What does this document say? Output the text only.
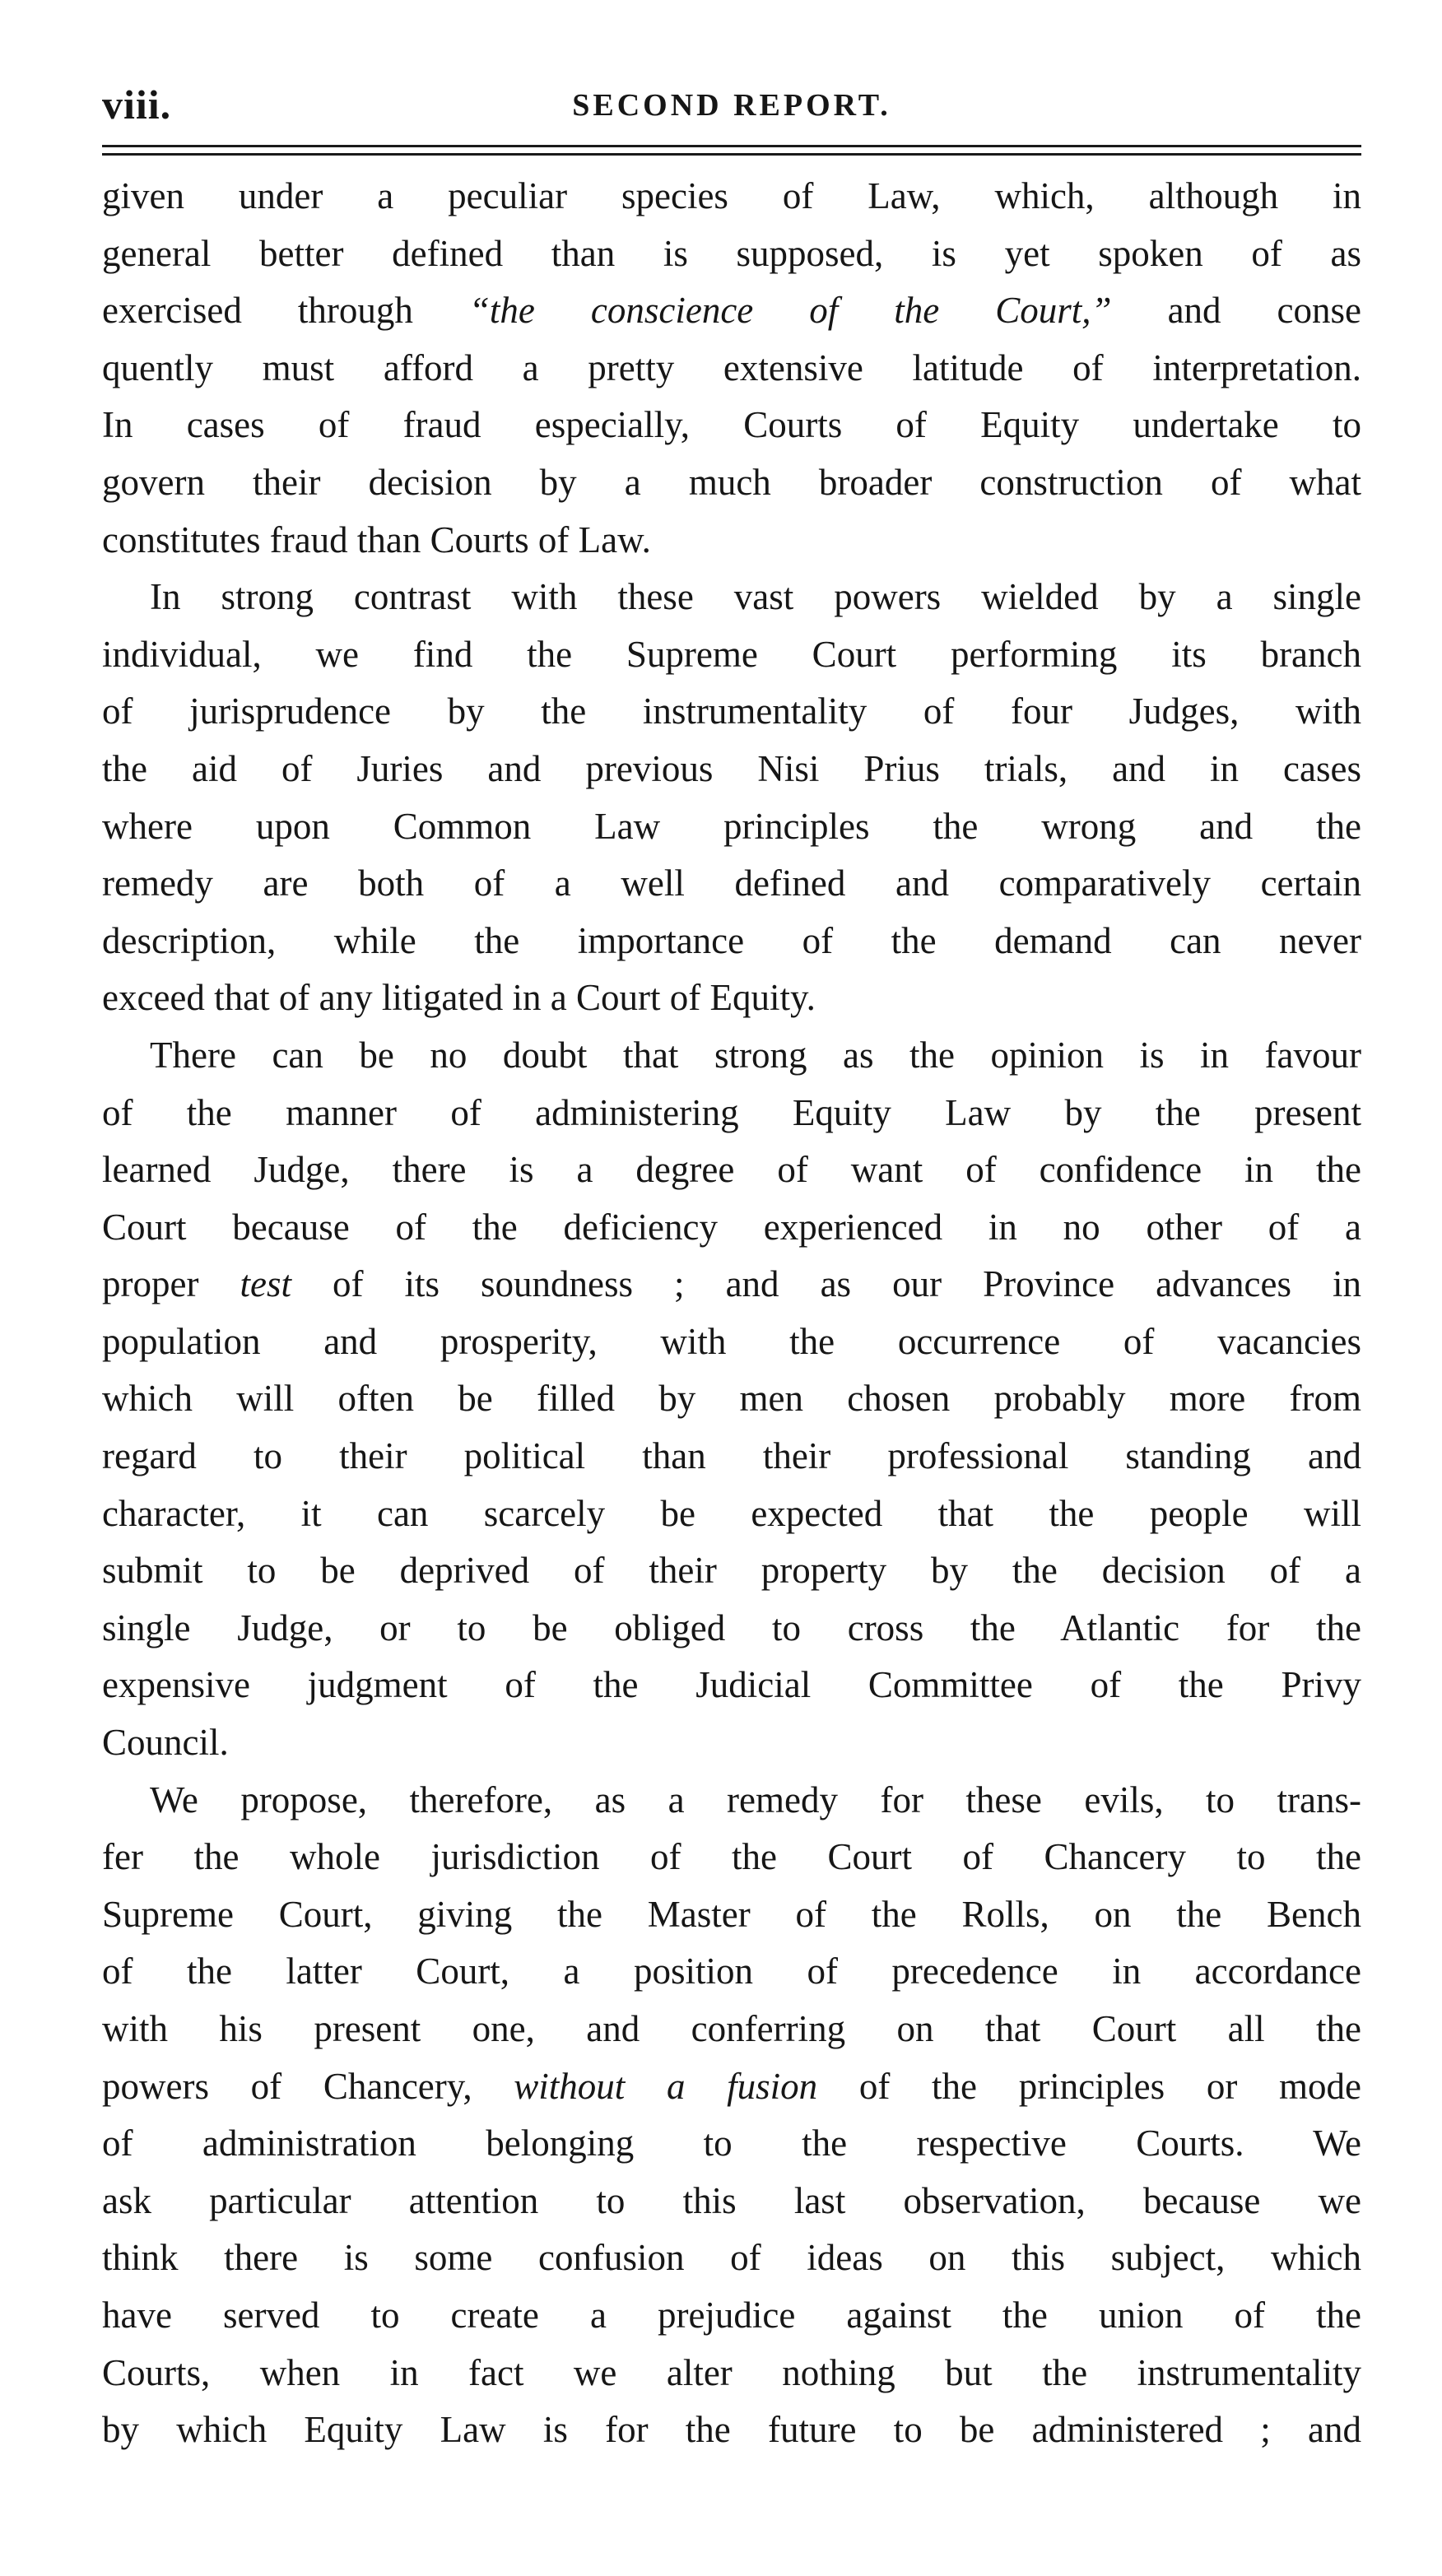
viii.	SECOND REPORT.
given under a peculiar species of Law, which, although in
general better defined than is supposed, is yet spoken of as
exercised through “the conscience of the Court,” and conse
quently must afford a pretty extensive latitude of interpretation.
In cases of fraud especially, Courts of Equity undertake to
govern their decision by a much broader construction of what
constitutes fraud than Courts of Law.
In strong contrast with these vast powers wielded by a single
individual, we find the Supreme Court performing its branch
of jurisprudence by the instrumentality of four Judges, with
the aid of Juries and previous Nisi Prius trials, and in cases
where upon Common Law principles the wrong and the
remedy are both of a well defined and comparatively certain
description, while the importance of the demand can never
exceed that of any litigated in a Court of Equity.
There can be no doubt that strong as the opinion is in favour
of the manner of administering Equity Law by the present
learned Judge, there is a degree of want of confidence in the
Court because of the deficiency experienced in no other of a
proper test of its soundness ; and as our Province advances in
population and prosperity, with the occurrence of vacancies
which will often be filled by men chosen probably more from
regard to their political than their professional standing and
character, it can scarcely be expected that the people will
submit to be deprived of their property by the decision of a
single Judge, or to be obliged to cross the Atlantic for the
expensive judgment of the Judicial Committee of the Privy
Council.
We propose, therefore, as a remedy for these evils, to trans-
fer the whole jurisdiction of the Court of Chancery to the
Supreme Court, giving the Master of the Rolls, on the Bench
of the latter Court, a position of precedence in accordance
with his present one, and conferring on that Court all the
powers of Chancery, without a fusion of the principles or mode
of administration belonging to the respective Courts. We
ask particular attention to this last observation, because we
think there is some confusion of ideas on this subject, which
have served to create a prejudice against the union of the
Courts, when in fact we alter nothing but the instrumentality
by which Equity Law is for the future to be administered ; and
